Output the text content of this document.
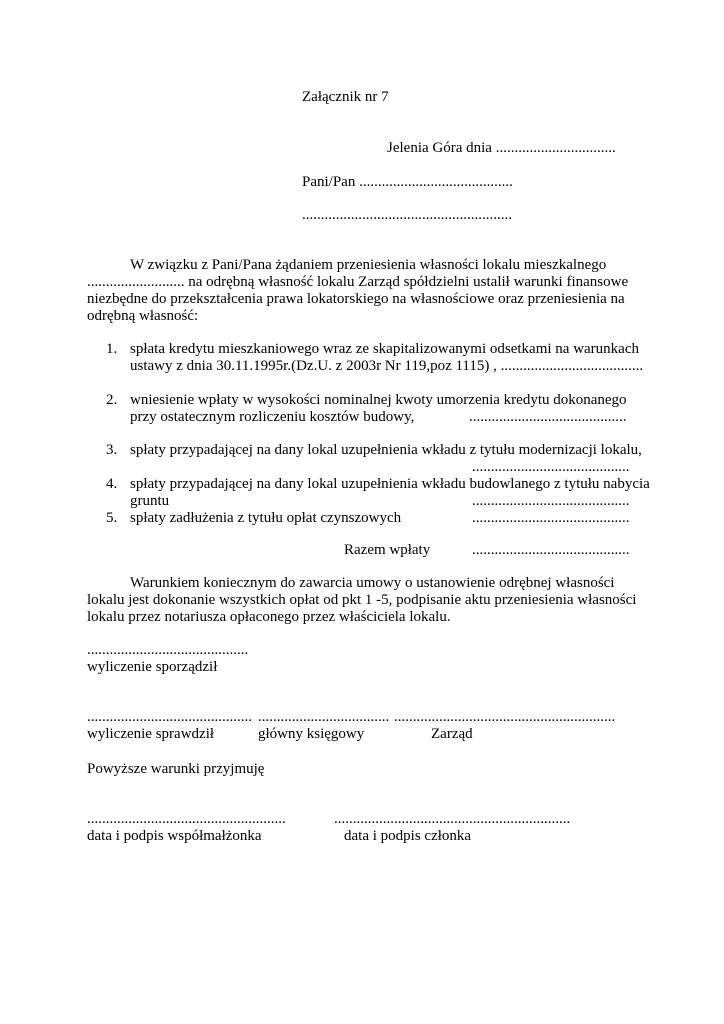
Załącznik nr 7

Jelenia Góra dnia ................................

Pani/Pan .........................................

........................................................

W związku z Pani/Pana żądaniem przeniesienia własności lokalu mieszkalnego

.......................... na odrębną własność lokalu Zarząd spółdzielni ustalił warunki finansowe

niezbędne do przekształcenia prawa lokatorskiego na własnościowe oraz przeniesienia na

odrębną własność:

1. spłata kredytu mieszkaniowego wraz ze skapitalizowanymi odsetkami na warunkach

ustawy z dnia 30.11.1995r.(Dz.U. z 2003r Nr 119,poz 1115) , ......................................

2. wniesienie wpłaty w wysokości nominalnej kwoty umorzenia kredytu dokonanego

przy ostatecznym rozliczeniu kosztów budowy,	..........................................

3. spłaty przypadającej na dany lokal uzupełnienia wkładu z tytułu modernizacji lokalu,

..........................................

4. spłaty przypadającej na dany lokal uzupełnienia wkładu budowlanego z tytułu nabycia

gruntu	..........................................

5. spłaty zadłużenia z tytułu opłat czynszowych	..........................................

Razem wpłaty	..........................................

Warunkiem koniecznym do zawarcia umowy o ustanowienie odrębnej własności

lokalu jest dokonanie wszystkich opłat od pkt 1 -5, podpisanie aktu przeniesienia własności

lokalu przez notariusza opłaconego przez właściciela lokalu.

...........................................

wyliczenie sporządził

............................................ ................................... ...........................................................

wyliczenie sprawdził	główny księgowy	Zarząd

Powyższe warunki przyjmuję

.....................................................	...............................................................

data i podpis współmałżonka	data i podpis członka
